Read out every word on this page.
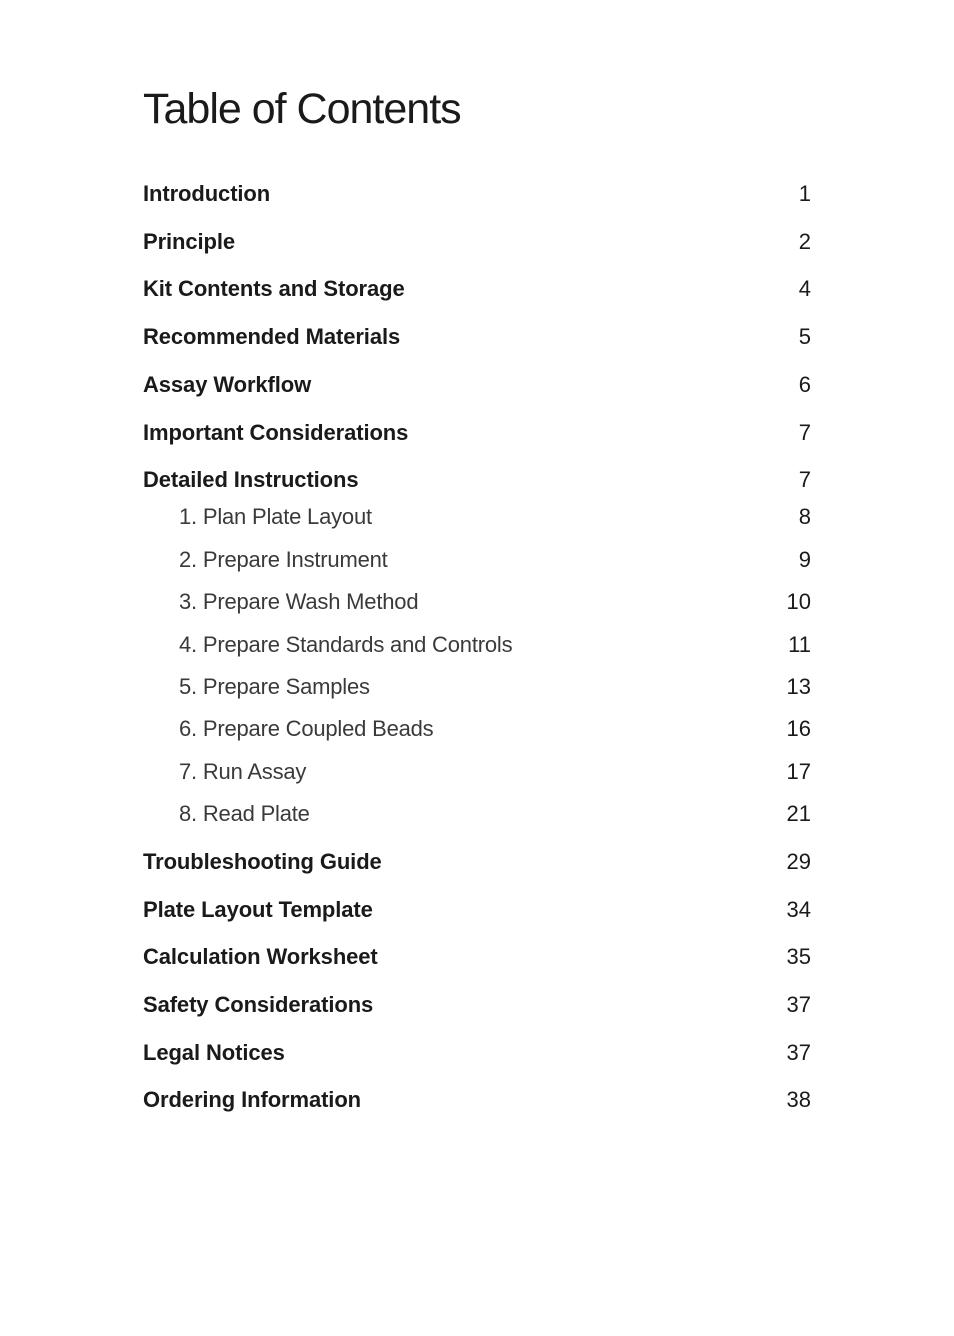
Table of Contents
Introduction	1
Principle	2
Kit Contents and Storage	4
Recommended Materials	5
Assay Workflow	6
Important Considerations	7
Detailed Instructions	7
1. Plan Plate Layout	8
2. Prepare Instrument	9
3. Prepare Wash Method	10
4. Prepare Standards and Controls	11
5. Prepare Samples	13
6. Prepare Coupled Beads	16
7. Run Assay	17
8. Read Plate	21
Troubleshooting Guide	29
Plate Layout Template	34
Calculation Worksheet	35
Safety Considerations	37
Legal Notices	37
Ordering Information	38
